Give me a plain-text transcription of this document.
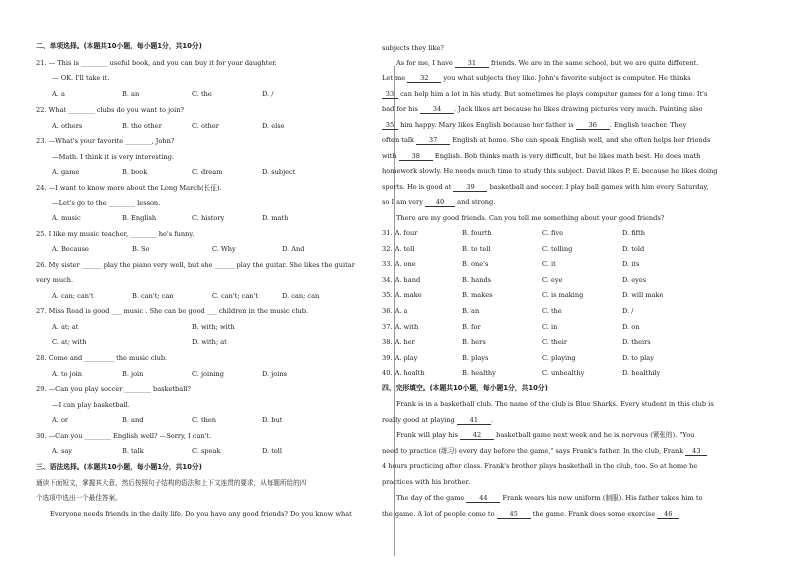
二、单项选择。(本题共10小题，每小题1分，共10分)
21. — This is ________ useful book, and you can buy it for your daughter.
— OK. I'll take it.
A. a	B. an	C. the	D. /
22. What ________ clubs do you want to join?
A. others	B. the other	C. other	D. else
23. —What's your favorite ________, John?
—Math. I think it is very interesting.
A. game	B. book	C. dream	D. subject
24. —I want to know more about the Long March(长征).
—Let's go to the ________ lesson.
A. music	B. English	C. history	D. math
25. I like my music teacher, ________ he's funny.
A. Because	B. So	C. Why	D. And
26. My sister ______ play the piano very well, but she ______ play the guitar. She likes the guitar
very much.
A. can; can't	B. can't; can	C. can't; can't	D. can; can
27. Miss Read is good ___ music . She can be good ___ children in the music club.
A. at; at	B. with; with
C. at; with	D. with; at
28. Come and _________ the music club.
A. to join	B. join	C. joining	D. joins
29. —Can you play soccer ________ basketball?
—I can play basketball.
A. or	B. and	C. then	D. but
30. —Can you ________ English well? —Sorry, I can't.
A. say	B. talk	C. speak	D. tell
三、语法选择。(本题共10小题，每小题1分，共10分)
通读下面短文，掌握其大意，然后按照句子结构的语法和上下文连贯的要求，从每题所给的四
个选项中选出一个最佳答案。
Everyone needs friends in the daily life. Do you have any good friends? Do you know what
subjects they like?
As for me, I have 31 friends. We are in the same school, but we are quite different.
Let me 32 you what subjects they like. John's favorite subject is computer. He thinks
33 can help him a lot in his study. But sometimes he plays computer games for a long time. It's
bad for his 34 . Jack likes art because he likes drawing pictures very much. Painting also
35 him happy. Mary likes English because her father is 36 . English teacher. They
often talk 37 English at home. She can speak English well, and she often helps her friends
with 38 English. Bob thinks math is very difficult, but he likes math best. He does math
homework slowly. He needs much time to study this subject. David likes P. E. because he likes doing
sports. He is good at 39 basketball and soccer. I play ball games with him every Saturday,
so I am very 40 and strong.
There are my good friends. Can you tell me something about your good friends?
31. A. four	B. fourth	C. five	D. fifth
32. A. tell	B. to tell	C. telling	D. told
33. A. one	B. one's	C. it	D. its
34. A. hand	B. hands	C. eye	D. eyes
35. A. make	B. makes	C. is making	D. will make
36. A. a	B. an	C. the	D. /
37. A. with	B. for	C. in	D. on
38. A. her	B. hers	C. their	D. theirs
39. A. play	B. plays	C. playing	D. to play
40. A. health	B. healthy	C. unhealthy	D. healthily
四、完形填空。(本题共10小题，每小题1分，共10分)
Frank is in a basketball club. The name of the club is Blue Sharks. Every student in this club is
really good at playing 41 .
Frank will play his 42 basketball game next week and he is nervous (紧张的). "You
need to practice (练习) every day before the game," says Frank's father. In the club, Frank 43
4 hours practicing after class. Frank's brother plays basketball in the club, too. So at home he
practices with his brother.
The day of the game 44 Frank wears his new uniform (制服). His father takes him to
the game. A lot of people come to 45 the game. Frank does some exercise 46
